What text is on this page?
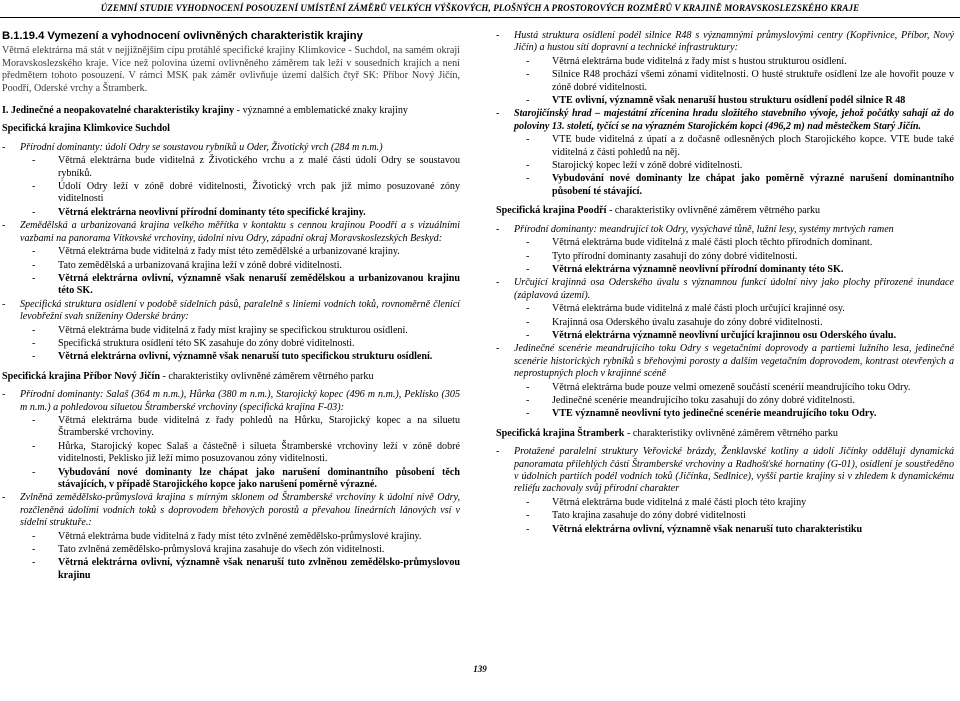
ÚZEMNÍ STUDIE VYHODNOCENÍ POSOUZENÍ UMÍSTĚNÍ ZÁMĚRŮ VELKÝCH VÝŠKOVÝCH, PLOŠNÝCH A PROSTOROVÝCH ROZMĚRŮ V KRAJINĚ MORAVSKOSLEZSKÉHO KRAJE
B.1.19.4 Vymezení a vyhodnocení ovlivněných charakteristik krajiny

Větrná elektrárna má stát v nejjižnějším cípu protáhlé specifické krajiny Klimkovice - Suchdol, na samém okraji Moravskoslezského kraje. Více než polovina území ovlivněného záměrem tak leží v sousedních krajích a není předmětem tohoto posouzení. V rámci MSK pak záměr ovlivňuje území dalších čtyř SK: Příbor Nový Jičín, Poodří, Oderské vrchy a Štramberk.

I. Jedinečné a neopakovatelné charakteristiky krajiny - významné a emblematické znaky krajiny

Specifická krajina Klimkovice Suchdol

-	Přírodní dominanty: údolí Odry se soustavou rybníků u Oder, Životický vrch (284 m n.m.)
-	Větrná elektrárna bude viditelná z Životického vrchu a z malé části údolí Odry se soustavou rybníků.
-	Údolí Odry leží v zóně dobré viditelnosti, Životický vrch pak již mimo posuzované zóny viditelnosti
-	Větrná elektrárna neovlivní přírodní dominanty této specifické krajiny.
-	Zemědělská a urbanizovaná krajina velkého měřítka v kontaktu s cennou krajinou Poodří a s vizuálními vazbami na panorama Vítkovské vrchoviny, údolní nivu Odry, západní okraj Moravskoslezských Beskyd:
-	Větrná elektrárna bude viditelná z řady míst této zemědělské a urbanizované krajiny.
-	Tato zemědělská a urbanizovaná krajina leží v zóně dobré viditelnosti.
-	Větrná elektrárna ovlivní, významně však nenaruší zemědělskou a urbanizovanou krajinu této SK.
-	Specifická struktura osídlení v podobě sídelních pásů, paralelně s liniemi vodních toků, rovnoměrně členící levobřežní svah sníženiny Oderské brány:
-	Větrná elektrárna bude viditelná z řady míst krajiny se specifickou strukturou osídlení.
-	Specifická struktura osídlení této SK zasahuje do zóny dobré viditelnosti.
-	Větrná elektrárna ovlivní, významně však nenaruší tuto specifickou strukturu osídlení.

Specifická krajina Příbor Nový Jičín - charakteristiky ovlivněné záměrem větrného parku

-	Přírodní dominanty: Salaš (364 m n.m.), Hůrka (380 m n.m.), Starojický kopec (496 m n.m.), Peklisko (305 m n.m.) a pohledovou siluetou Štramberské vrchoviny (specifická krajina F-03):
-	Větrná elektrárna bude viditelná z řady pohledů na Hůrku, Starojický kopec a na siluetu Štramberské vrchoviny.
-	Hůrka, Starojický kopec Salaš a částečně i silueta Štramberské vrchoviny leží v zóně dobré viditelnosti, Peklisko již leží mimo posuzovanou zóny viditelnosti.
-	Vybudování nové dominanty lze chápat jako narušení dominantního působení těch stávajících, v případě Starojického kopce jako narušení poměrně výrazné.
-	Zvlněná zemědělsko-průmyslová krajina s mírným sklonem od Štramberské vrchoviny k údolní nivě Odry, rozčleněná údolími vodních toků s doprovodem břehových porostů a převahou lineárních lánových vsí v sídelní struktuře.:
-	Větrná elektrárna bude viditelná z řady míst této zvlněné zemědělsko-průmyslové krajiny.
-	Tato zvlněná zemědělsko-průmyslová krajina zasahuje do všech zón viditelnosti.
-	Větrná elektrárna ovlivní, významně však nenaruší tuto zvlněnou zemědělsko-průmyslovou krajinu
-	Hustá struktura osídlení podél silnice R48 s významnými průmyslovými centry (Kopřivnice, Příbor, Nový Jičín) a hustou sítí dopravní a technické infrastruktury:
-	Větrná elektrárna bude viditelná z řady míst s hustou strukturou osídlení.
-	Silnice R48 prochází všemi zónami viditelnosti. O husté struktuře osídlení lze ale hovořit pouze v zóně dobré viditelnosti.
-	VTE ovlivní, významně však nenaruší hustou strukturu osídlení podél silnice R 48
-	Starojičínský hrad – majestátní zřícenina hradu složitého stavebního vývoje, jehož počátky sahají až do poloviny 13. století, tyčící se na výrazném Starojickém kopci (496,2 m) nad městečkem Starý Jičín.
-	VTE bude viditelná z úpatí a z dočasně odlesněných ploch Starojického kopce. VTE bude také viditelná z části pohledů na něj.
-	Starojický kopec leží v zóně dobré viditelnosti.
-	Vybudování nové dominanty lze chápat jako poměrně výrazné narušení dominantního působení té stávající.

Specifická krajina Poodří - charakteristiky ovlivněné záměrem větrného parku

-	Přírodní dominanty: meandrující tok Odry, vysýchavé tůně, lužní lesy, systémy mrtvých ramen
-	Větrná elektrárna bude viditelná z malé části ploch těchto přírodních dominant.
-	Tyto přírodní dominanty zasahují do zóny dobré viditelnosti.
-	Větrná elektrárna významně neovlivní přírodní dominanty této SK.
-	Určující krajinná osa Oderského úvalu s významnou funkcí údolní nivy jako plochy přirozené inundace (záplavová území).
-	Větrná elektrárna bude viditelná z malé části ploch určující krajinné osy.
-	Krajinná osa Oderského úvalu zasahuje do zóny dobré viditelnosti.
-	Větrná elektrárna významně neovlivní určující krajinnou osu Oderského úvalu.
-	Jedinečné scenérie meandrujícího toku Odry s vegetačními doprovody a partiemi lužního lesa, jedinečné scenérie historických rybníků s břehovými porosty a dalším vegetačním doprovodem, kontrast otevřených a neprostupných ploch v krajinné scéně
-	Větrná elektrárna bude pouze velmi omezeně součástí scenérií meandrujícího toku Odry.
-	Jedinečné scenérie meandrujícího toku zasahují do zóny dobré viditelnosti.
-	VTE významně neovlivní tyto jedinečné scenérie meandrujícího toku Odry.

Specifická krajina Štramberk - charakteristiky ovlivněné záměrem větrného parku

-	Protažené paralelní struktury Veřovické brázdy, Ženklavské kotliny a údolí Jičínky oddělují dynamická panoramata přilehlých částí Štramberské vrchoviny a Radhošťské hornatiny (G-01), osídlení je soustředěno v údolních partiích podél vodních toků (Jičínka, Sedlnice), vyšší partie krajiny si v zhledem k dynamickému reliéfu zachovaly svůj přírodní charakter
-	Větrná elektrárna bude viditelná z malé části ploch této krajiny
-	Tato krajina zasahuje do zóny dobré viditelnosti
-	Větrná elektrárna ovlivní, významně však nenaruší tuto charakteristiku
139
